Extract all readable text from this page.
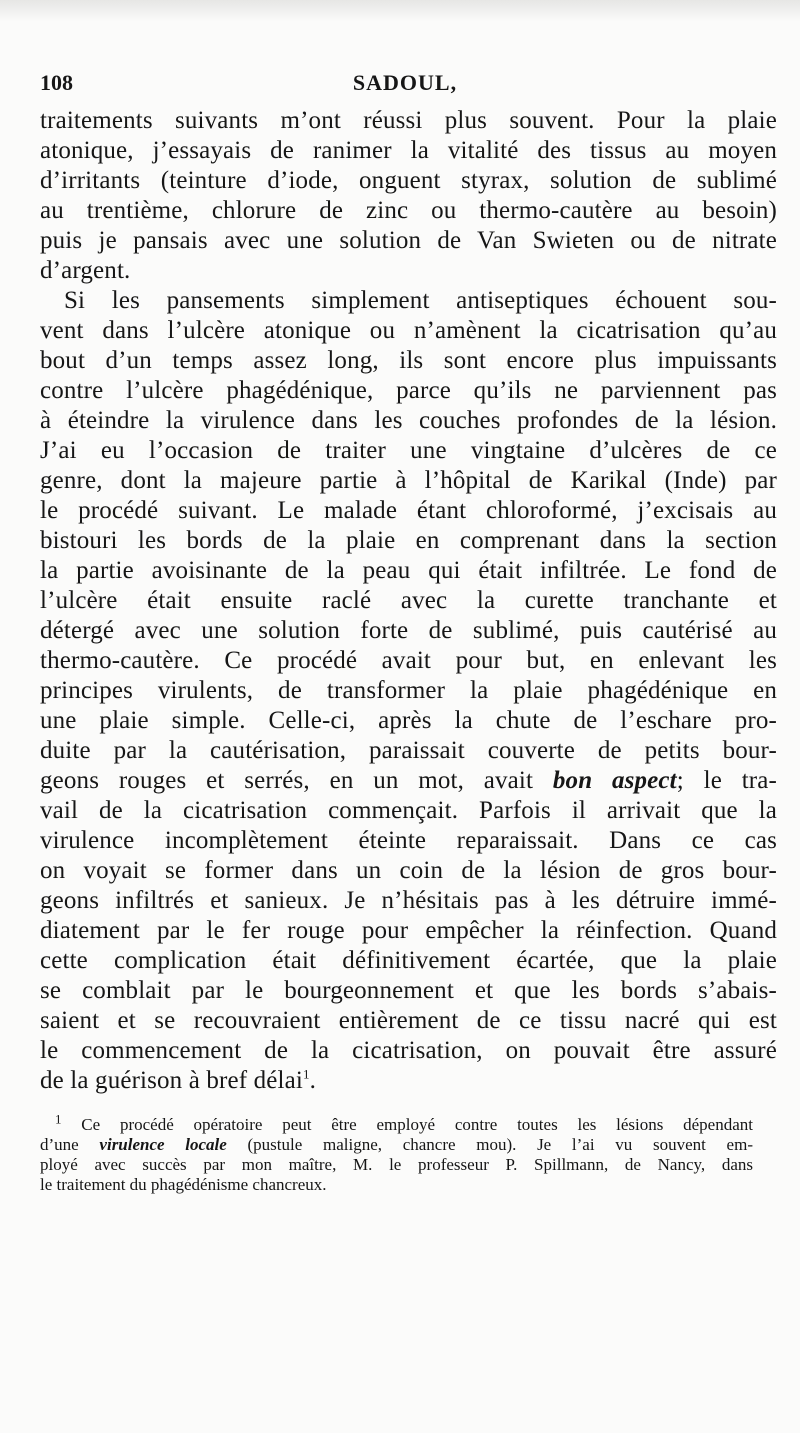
108	SADOUL,
traitements suivants m’ont réussi plus souvent. Pour la plaie
atonique, j’essayais de ranimer la vitalité des tissus au moyen
d’irritants (teinture d’iode, onguent styrax, solution de sublimé
au trentième, chlorure de zinc ou thermo-cautère au besoin)
puis je pansais avec une solution de Van Swieten ou de nitrate
d’argent.
Si les pansements simplement antiseptiques échouent sou-
vent dans l’ulcère atonique ou n’amènent la cicatrisation qu’au
bout d’un temps assez long, ils sont encore plus impuissants
contre l’ulcère phagédénique, parce qu’ils ne parviennent pas
à éteindre la virulence dans les couches profondes de la lésion.
J’ai eu l’occasion de traiter une vingtaine d’ulcères de ce
genre, dont la majeure partie à l’hôpital de Karikal (Inde) par
le procédé suivant. Le malade étant chloroformé, j’excisais au
bistouri les bords de la plaie en comprenant dans la section
la partie avoisinante de la peau qui était infiltrée. Le fond de
l’ulcère était ensuite raclé avec la curette tranchante et
détergé avec une solution forte de sublimé, puis cautérisé au
thermo-cautère. Ce procédé avait pour but, en enlevant les
principes virulents, de transformer la plaie phagédénique en
une plaie simple. Celle-ci, après la chute de l’eschare pro-
duite par la cautérisation, paraissait couverte de petits bour-
geons rouges et serrés, en un mot, avait bon aspect; le tra-
vail de la cicatrisation commençait. Parfois il arrivait que la
virulence incomplètement éteinte reparaissait. Dans ce cas
on voyait se former dans un coin de la lésion de gros bour-
geons infiltrés et sanieux. Je n’hésitais pas à les détruire immé-
diatement par le fer rouge pour empêcher la réinfection. Quand
cette complication était définitivement écartée, que la plaie
se comblait par le bourgeonnement et que les bords s’abais-
saient et se recouvraient entièrement de ce tissu nacré qui est
le commencement de la cicatrisation, on pouvait être assuré
de la guérison à bref délai$^1$.
$^1$ Ce procédé opératoire peut être employé contre toutes les lésions dépendant
d’une virulence locale (pustule maligne, chancre mou). Je l’ai vu souvent em-
ployé avec succès par mon maître, M. le professeur P. Spillmann, de Nancy, dans
le traitement du phagédénisme chancreux.
